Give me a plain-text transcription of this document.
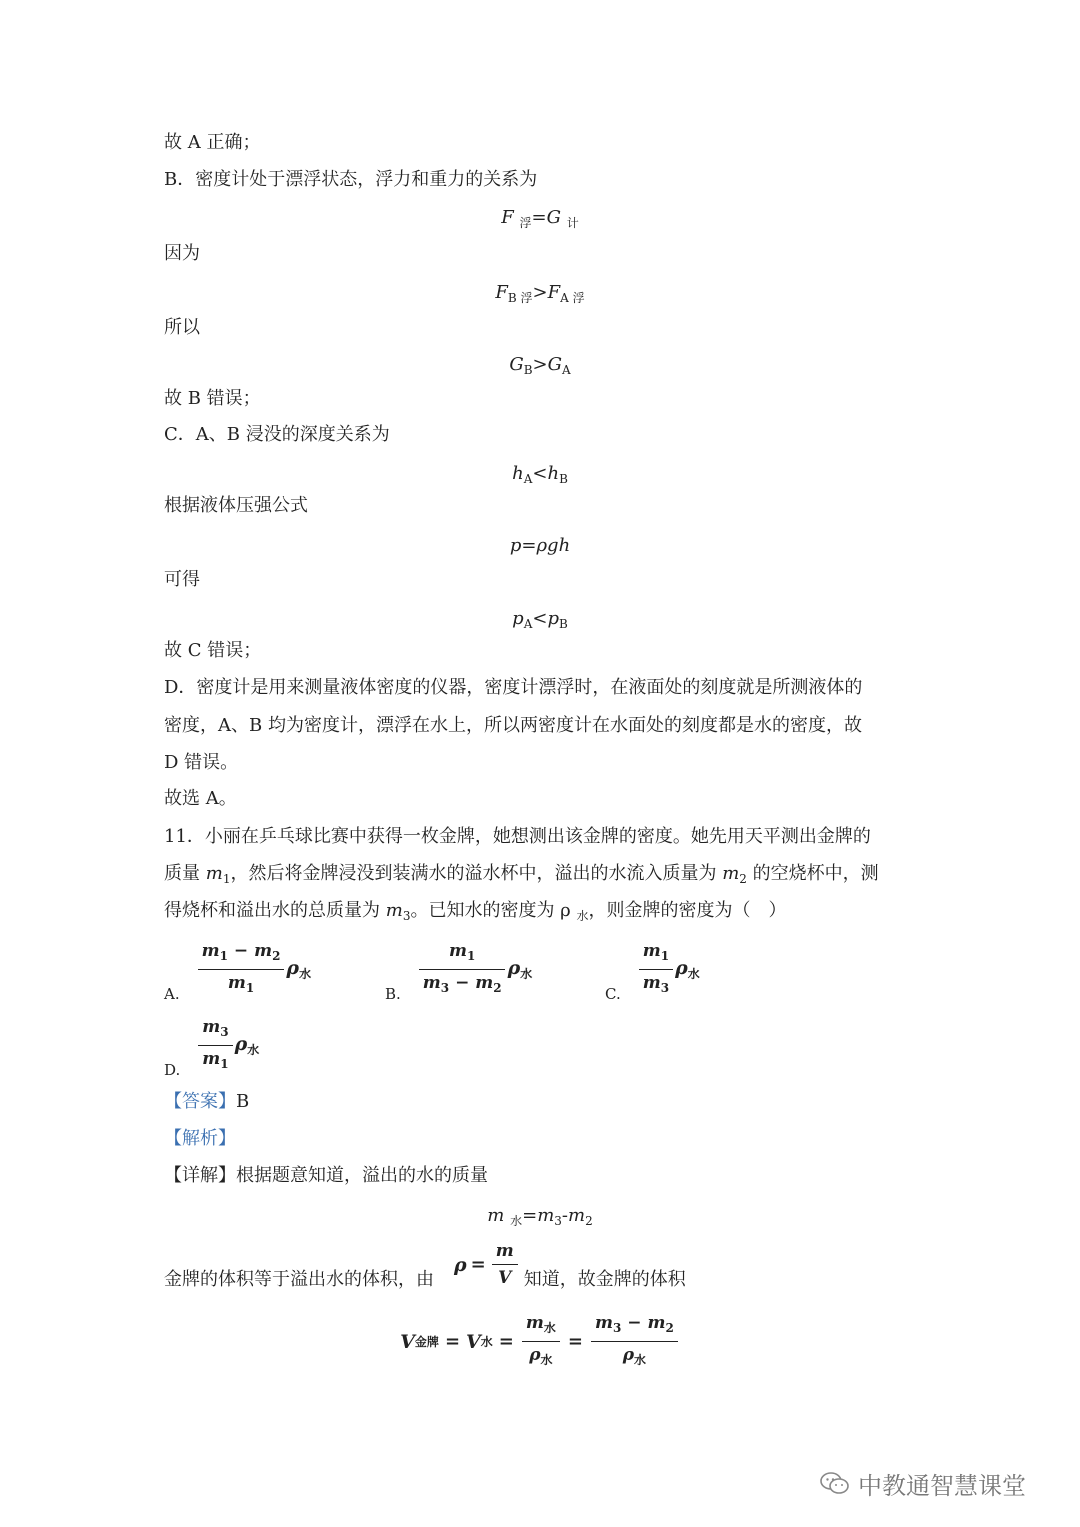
故 A 正确；
B．密度计处于漂浮状态，浮力和重力的关系为
F $_浮$=G $_计$
因为
$F_{B 浮}>F_{A 浮}$
所以
$G_B>G_A$
故 B 错误；
C．A、B 浸没的深度关系为
$h_A<h_B$
根据液体压强公式
p=ρgh
可得
$p_A<p_B$
故 C 错误；
D．密度计是用来测量液体密度的仪器，密度计漂浮时，在液面处的刻度就是所测液体的
密度，A、B 均为密度计，漂浮在水上，所以两密度计在水面处的刻度都是水的密度，故
D 错误。
故选 A。
11．小丽在乒乓球比赛中获得一枚金牌，她想测出该金牌的密度。她先用天平测出金牌的
质量 $m_1$，然后将金牌浸没到装满水的溢水杯中，溢出的水流入质量为 $m_2$ 的空烧杯中，测
得烧杯和溢出水的总质量为 $m_3$。已知水的密度为 ρ $_水$，则金牌的密度为（　）
A. $\frac{m_1 - m_2}{m_1} \rho_水$
B. $\frac{m_1}{m_3 - m_2} \rho_水$
C. $\frac{m_1}{m_3} \rho_水$
D. $\frac{m_3}{m_1} \rho_水$
【答案】B
【解析】
【详解】根据题意知道，溢出的水的质量
m $_水=m_3-m_2$
金牌的体积等于溢出水的体积，由
$\rho = \frac{m}{V}$ 知道，故金牌的体积
V 金牌 = V 水 = $\frac{m_水}{\rho_水} = \frac{m_3 - m_2}{\rho_水}$
中教通智慧课堂
